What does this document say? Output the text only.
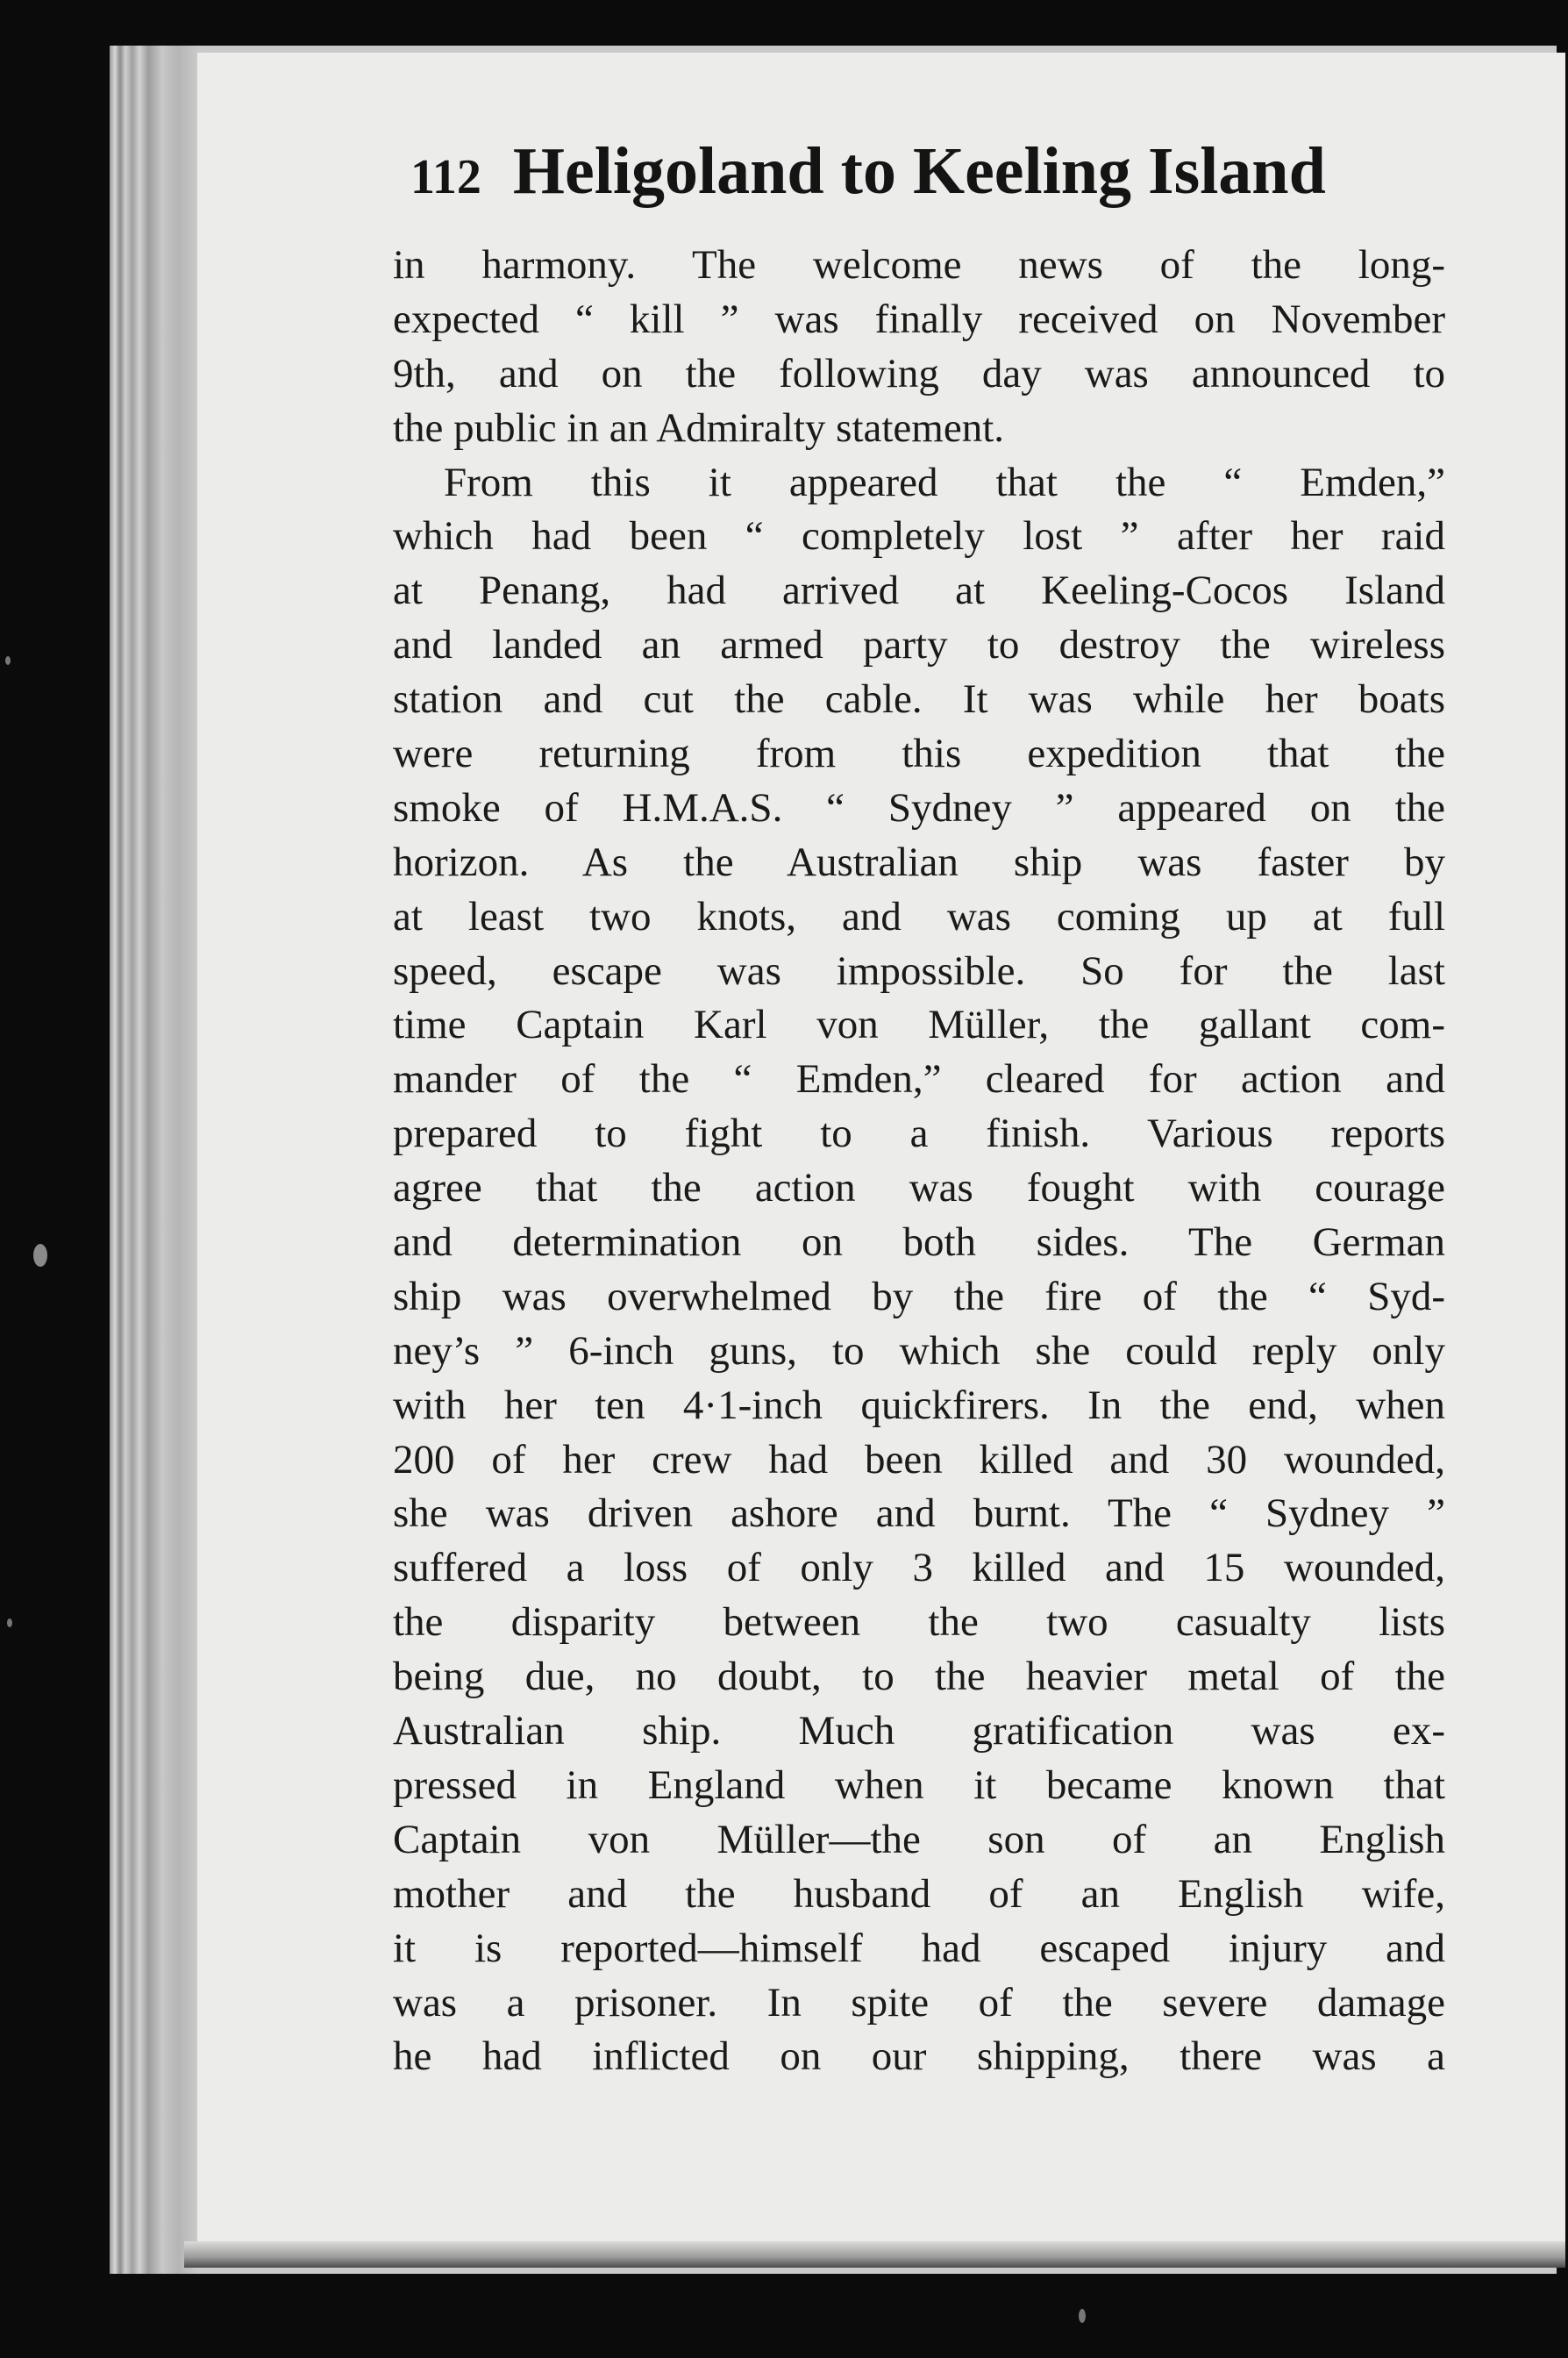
112 Heligoland to Keeling Island
in harmony. The welcome news of the long-
expected “ kill ” was finally received on November
9th, and on the following day was announced to
the public in an Admiralty statement.
From this it appeared that the “ Emden,”
which had been “ completely lost ” after her raid
at Penang, had arrived at Keeling-Cocos Island
and landed an armed party to destroy the wireless
station and cut the cable. It was while her boats
were returning from this expedition that the
smoke of H.M.A.S. “ Sydney ” appeared on the
horizon. As the Australian ship was faster by
at least two knots, and was coming up at full
speed, escape was impossible. So for the last
time Captain Karl von Müller, the gallant com-
mander of the “ Emden,” cleared for action and
prepared to fight to a finish. Various reports
agree that the action was fought with courage
and determination on both sides. The German
ship was overwhelmed by the fire of the “ Syd-
ney’s ” 6-inch guns, to which she could reply only
with her ten 4·1-inch quickfirers. In the end, when
200 of her crew had been killed and 30 wounded,
she was driven ashore and burnt. The “ Sydney ”
suffered a loss of only 3 killed and 15 wounded,
the disparity between the two casualty lists
being due, no doubt, to the heavier metal of the
Australian ship. Much gratification was ex-
pressed in England when it became known that
Captain von Müller—the son of an English
mother and the husband of an English wife,
it is reported—himself had escaped injury and
was a prisoner. In spite of the severe damage
he had inflicted on our shipping, there was a
